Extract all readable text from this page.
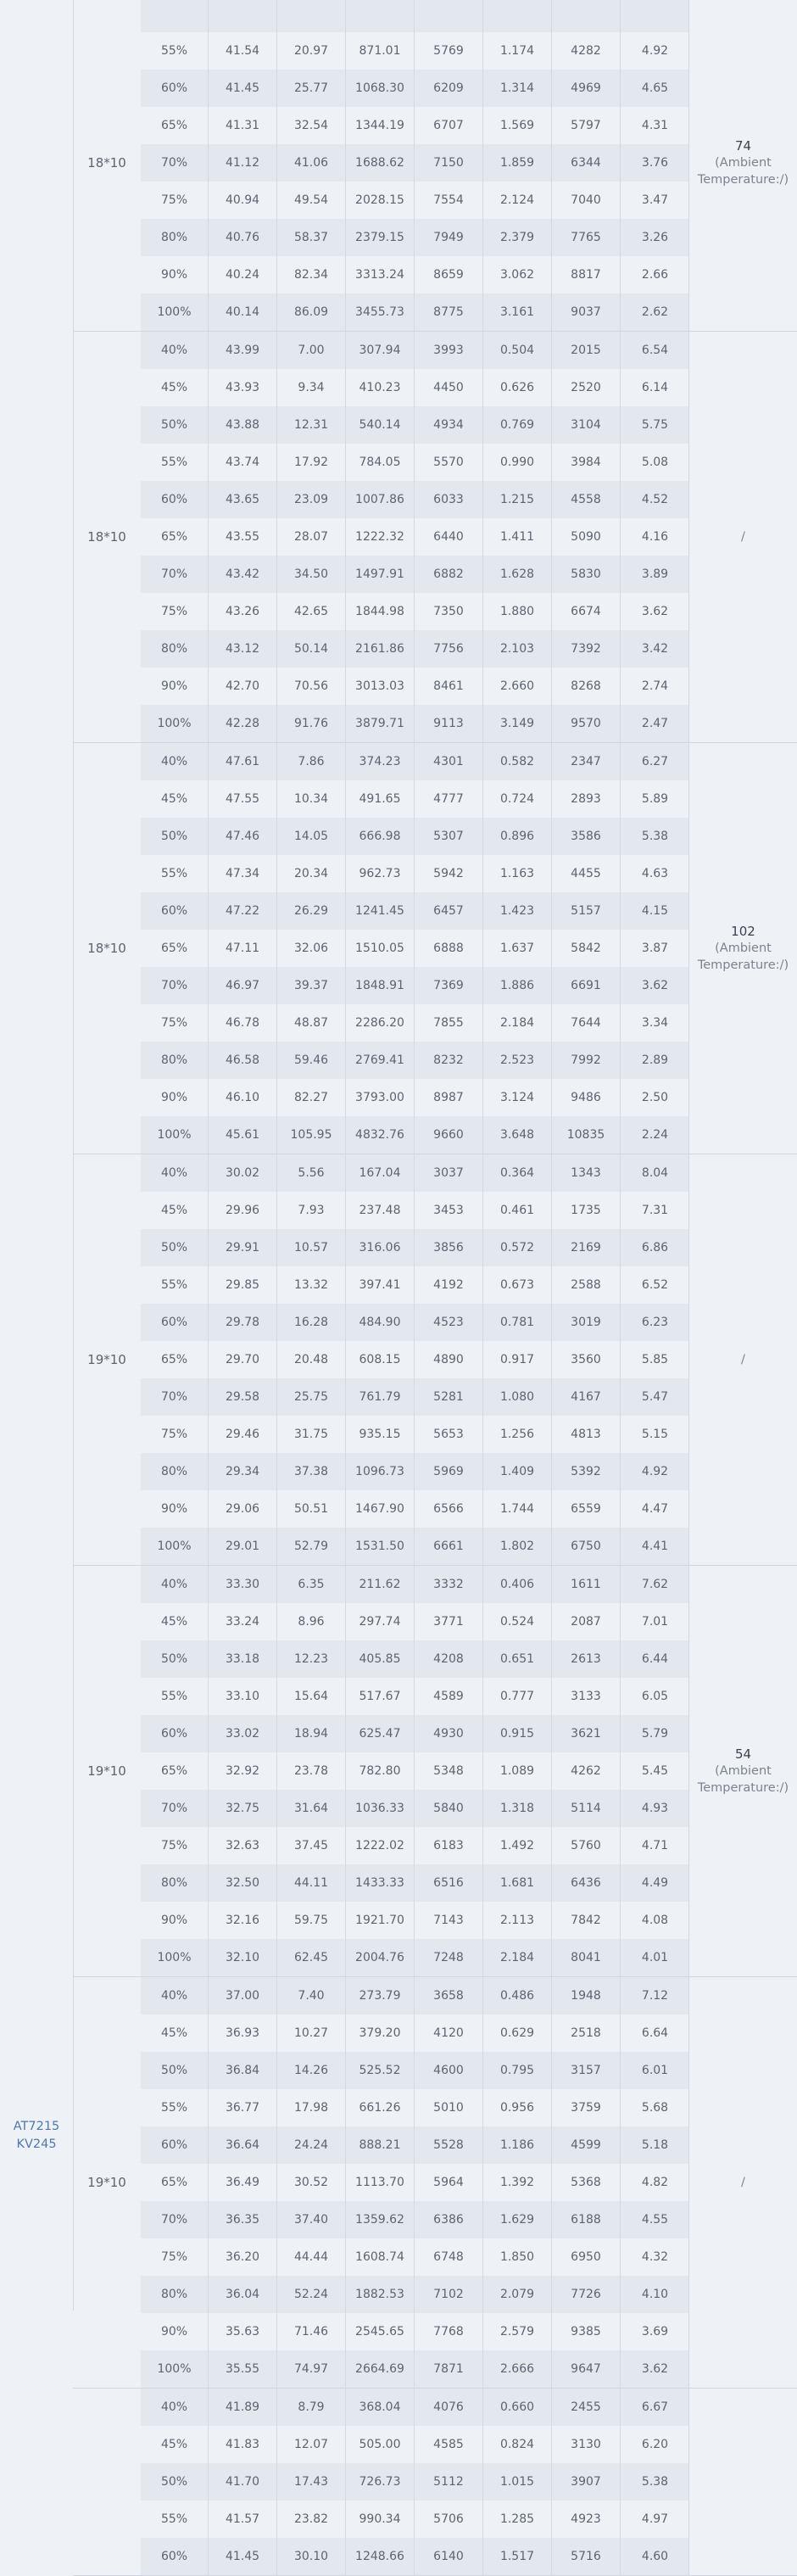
AT7215 KV245
18*10
55%	41.54	20.97	871.01	5769	1.174	4282	4.92
60%	41.45	25.77	1068.30	6209	1.314	4969	4.65
65%	41.31	32.54	1344.19	6707	1.569	5797	4.31
70%	41.12	41.06	1688.62	7150	1.859	6344	3.76
75%	40.94	49.54	2028.15	7554	2.124	7040	3.47
80%	40.76	58.37	2379.15	7949	2.379	7765	3.26
90%	40.24	82.34	3313.24	8659	3.062	8817	2.66
100%	40.14	86.09	3455.73	8775	3.161	9037	2.62
74
(Ambient Temperature:/)
18*10
40%	43.99	7.00	307.94	3993	0.504	2015	6.54
45%	43.93	9.34	410.23	4450	0.626	2520	6.14
50%	43.88	12.31	540.14	4934	0.769	3104	5.75
55%	43.74	17.92	784.05	5570	0.990	3984	5.08
60%	43.65	23.09	1007.86	6033	1.215	4558	4.52
65%	43.55	28.07	1222.32	6440	1.411	5090	4.16
70%	43.42	34.50	1497.91	6882	1.628	5830	3.89
75%	43.26	42.65	1844.98	7350	1.880	6674	3.62
80%	43.12	50.14	2161.86	7756	2.103	7392	3.42
90%	42.70	70.56	3013.03	8461	2.660	8268	2.74
100%	42.28	91.76	3879.71	9113	3.149	9570	2.47
/
18*10
40%	47.61	7.86	374.23	4301	0.582	2347	6.27
45%	47.55	10.34	491.65	4777	0.724	2893	5.89
50%	47.46	14.05	666.98	5307	0.896	3586	5.38
55%	47.34	20.34	962.73	5942	1.163	4455	4.63
60%	47.22	26.29	1241.45	6457	1.423	5157	4.15
65%	47.11	32.06	1510.05	6888	1.637	5842	3.87
70%	46.97	39.37	1848.91	7369	1.886	6691	3.62
75%	46.78	48.87	2286.20	7855	2.184	7644	3.34
80%	46.58	59.46	2769.41	8232	2.523	7992	2.89
90%	46.10	82.27	3793.00	8987	3.124	9486	2.50
100%	45.61	105.95	4832.76	9660	3.648	10835	2.24
102
(Ambient Temperature:/)
19*10
40%	30.02	5.56	167.04	3037	0.364	1343	8.04
45%	29.96	7.93	237.48	3453	0.461	1735	7.31
50%	29.91	10.57	316.06	3856	0.572	2169	6.86
55%	29.85	13.32	397.41	4192	0.673	2588	6.52
60%	29.78	16.28	484.90	4523	0.781	3019	6.23
65%	29.70	20.48	608.15	4890	0.917	3560	5.85
70%	29.58	25.75	761.79	5281	1.080	4167	5.47
75%	29.46	31.75	935.15	5653	1.256	4813	5.15
80%	29.34	37.38	1096.73	5969	1.409	5392	4.92
90%	29.06	50.51	1467.90	6566	1.744	6559	4.47
100%	29.01	52.79	1531.50	6661	1.802	6750	4.41
/
19*10
40%	33.30	6.35	211.62	3332	0.406	1611	7.62
45%	33.24	8.96	297.74	3771	0.524	2087	7.01
50%	33.18	12.23	405.85	4208	0.651	2613	6.44
55%	33.10	15.64	517.67	4589	0.777	3133	6.05
60%	33.02	18.94	625.47	4930	0.915	3621	5.79
65%	32.92	23.78	782.80	5348	1.089	4262	5.45
70%	32.75	31.64	1036.33	5840	1.318	5114	4.93
75%	32.63	37.45	1222.02	6183	1.492	5760	4.71
80%	32.50	44.11	1433.33	6516	1.681	6436	4.49
90%	32.16	59.75	1921.70	7143	2.113	7842	4.08
100%	32.10	62.45	2004.76	7248	2.184	8041	4.01
54
(Ambient Temperature:/)
19*10
40%	37.00	7.40	273.79	3658	0.486	1948	7.12
45%	36.93	10.27	379.20	4120	0.629	2518	6.64
50%	36.84	14.26	525.52	4600	0.795	3157	6.01
55%	36.77	17.98	661.26	5010	0.956	3759	5.68
60%	36.64	24.24	888.21	5528	1.186	4599	5.18
65%	36.49	30.52	1113.70	5964	1.392	5368	4.82
70%	36.35	37.40	1359.62	6386	1.629	6188	4.55
75%	36.20	44.44	1608.74	6748	1.850	6950	4.32
80%	36.04	52.24	1882.53	7102	2.079	7726	4.10
90%	35.63	71.46	2545.65	7768	2.579	9385	3.69
100%	35.55	74.97	2664.69	7871	2.666	9647	3.62
/
40%	41.89	8.79	368.04	4076	0.660	2455	6.67
45%	41.83	12.07	505.00	4585	0.824	3130	6.20
50%	41.70	17.43	726.73	5112	1.015	3907	5.38
55%	41.57	23.82	990.34	5706	1.285	4923	4.97
60%	41.45	30.10	1248.66	6140	1.517	5716	4.60
